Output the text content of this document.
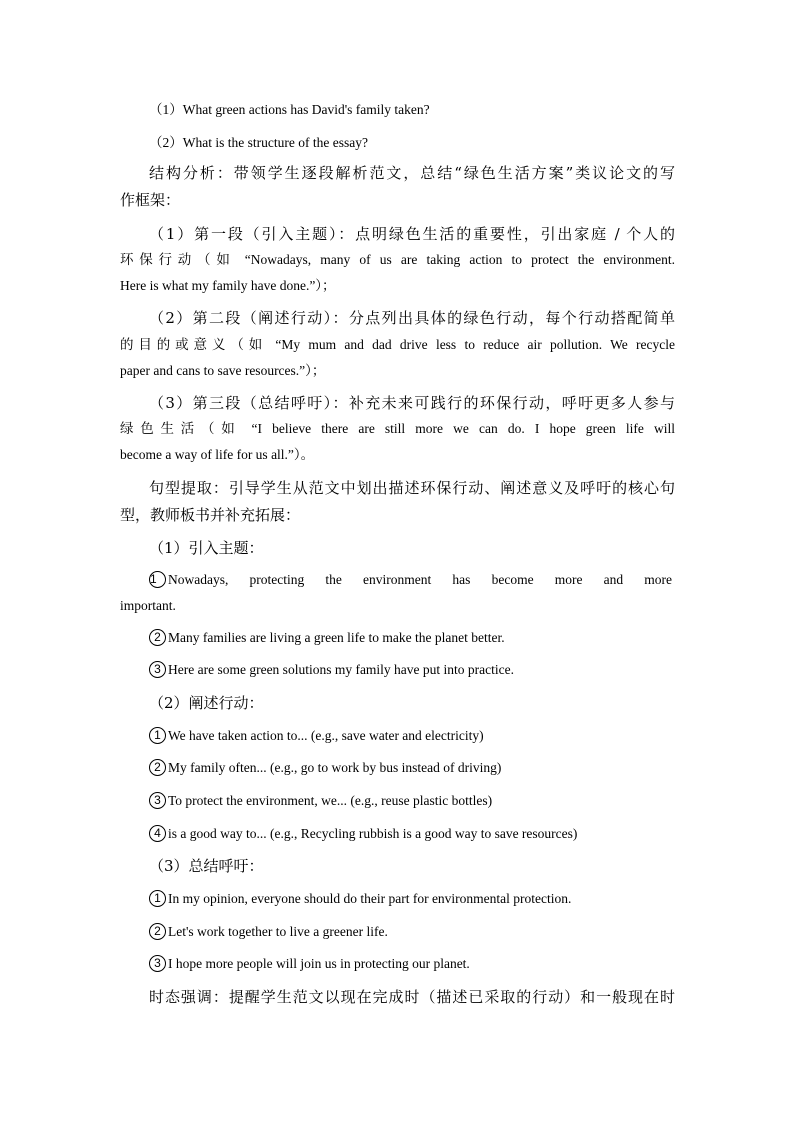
（1）What green actions has David's family taken?
（2）What is the structure of the essay?
结构分析：带领学生逐段解析范文，总结“绿色生活方案”类议论文的写
作框架：
（1）第一段（引入主题）：点明绿色生活的重要性，引出家庭 / 个人的
环保行动（如 “Nowadays, many of us are taking action to protect the environment.
Here is what my family have done.”）；
（2）第二段（阐述行动）：分点列出具体的绿色行动，每个行动搭配简单
的目的或意义（如 “My mum and dad drive less to reduce air pollution. We recycle
paper and cans to save resources.”）；
（3）第三段（总结呼吁）：补充未来可践行的环保行动，呼吁更多人参与
绿色生活（如 “I believe there are still more we can do. I hope green life will
become a way of life for us all.”）。
句型提取：引导学生从范文中划出描述环保行动、阐述意义及呼吁的核心句
型，教师板书并补充拓展：
（1）引入主题：
1 Nowadays, protecting the environment has become more and more
important.
2 Many families are living a green life to make the planet better.
3 Here are some green solutions my family have put into practice.
（2）阐述行动：
1 We have taken action to... (e.g., save water and electricity)
2 My family often... (e.g., go to work by bus instead of driving)
3 To protect the environment, we... (e.g., reuse plastic bottles)
4 is a good way to... (e.g., Recycling rubbish is a good way to save resources)
（3）总结呼吁：
1 In my opinion, everyone should do their part for environmental protection.
2 Let's work together to live a greener life.
3 I hope more people will join us in protecting our planet.
时态强调：提醒学生范文以现在完成时（描述已采取的行动）和一般现在时
